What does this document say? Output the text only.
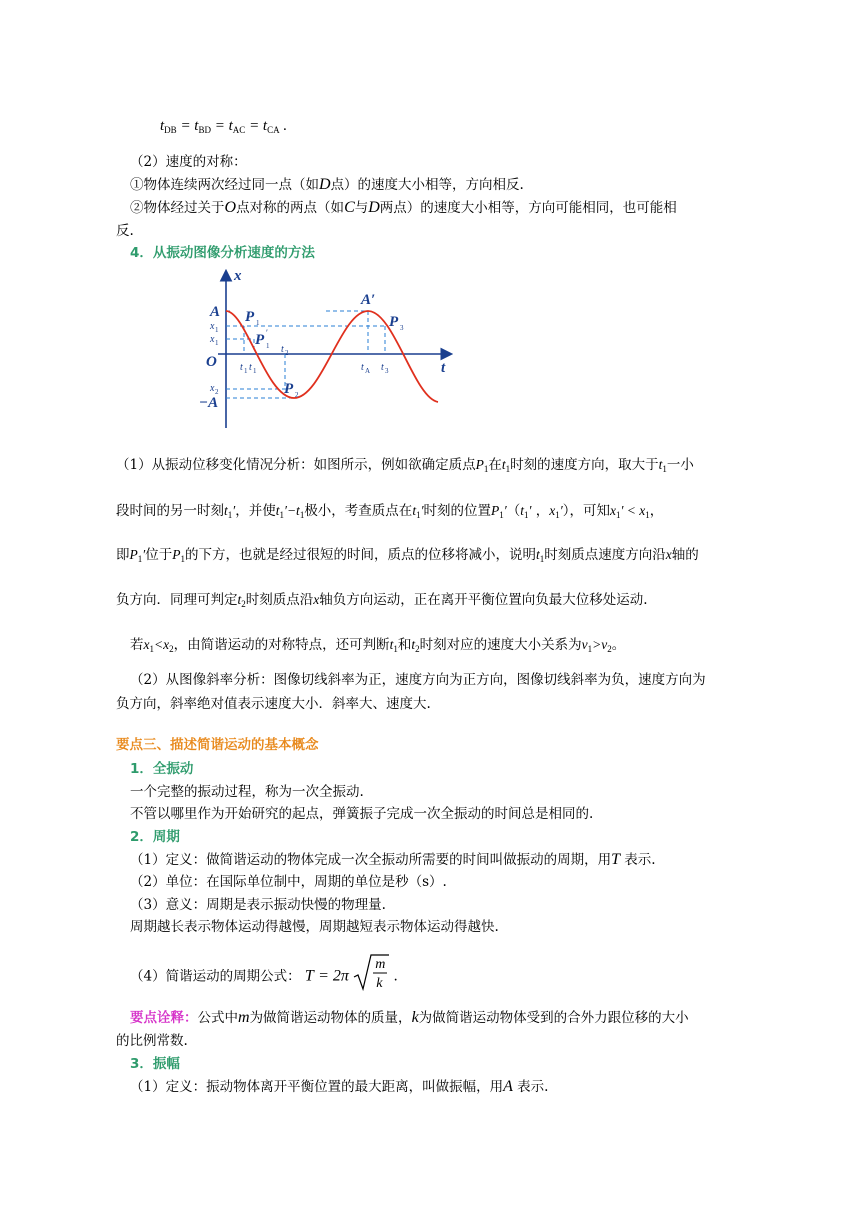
$t_{DB} = t_{BD} = t_{AC} = t_{CA}$ .
（2）速度的对称：
①物体连续两次经过同一点（如D点）的速度大小相等，方向相反.
②物体经过关于O点对称的两点（如C与D两点）的速度大小相等，方向可能相同，也可能相
反.
4．从振动图像分析速度的方法
x
t
O
A
−A
A′
P 1
P 1
′
P 2
P 3
x 1
x 1
x 2
t 1 t 1
t 2
t A t 3
（1）从振动位移变化情况分析：如图所示，例如欲确定质点$P_1$在$t_1$时刻的速度方向，取大于$t_1$一小
段时间的另一时刻$t_1'$，并使$t_1'-t_1$极小，考查质点在$t_1'$时刻的位置$P_1'(t_1'$ ，$x_1'$），可知$x_1' < x_1$，
即$P_1'$位于$P_1$的下方，也就是经过很短的时间，质点的位移将减小，说明$t_1$时刻质点速度方向沿x轴的
负方向．同理可判定$t_2$时刻质点沿x轴负方向运动，正在离开平衡位置向负最大位移处运动.
若$x_1<x_2$，由简谐运动的对称特点，还可判断$t_1$和$t_2$时刻对应的速度大小关系为$v_1>v_2$。
（2）从图像斜率分析：图像切线斜率为正，速度方向为正方向，图像切线斜率为负，速度方向为
负方向，斜率绝对值表示速度大小．斜率大、速度大.
要点三、描述简谐运动的基本概念
1．全振动
一个完整的振动过程，称为一次全振动.
不管以哪里作为开始研究的起点，弹簧振子完成一次全振动的时间总是相同的.
2．周期
（1）定义：做简谐运动的物体完成一次全振动所需要的时间叫做振动的周期，用T 表示.
（2）单位：在国际单位制中，周期的单位是秒（s）.
（3）意义：周期是表示振动快慢的物理量.
周期越长表示物体运动得越慢，周期越短表示物体运动得越快.
（4）简谐运动的周期公式： T = 2π
m
k .
要点诠释：公式中m为做简谐运动物体的质量，k为做简谐运动物体受到的合外力跟位移的大小
的比例常数.
3．振幅
（1）定义：振动物体离开平衡位置的最大距离，叫做振幅，用A 表示.
